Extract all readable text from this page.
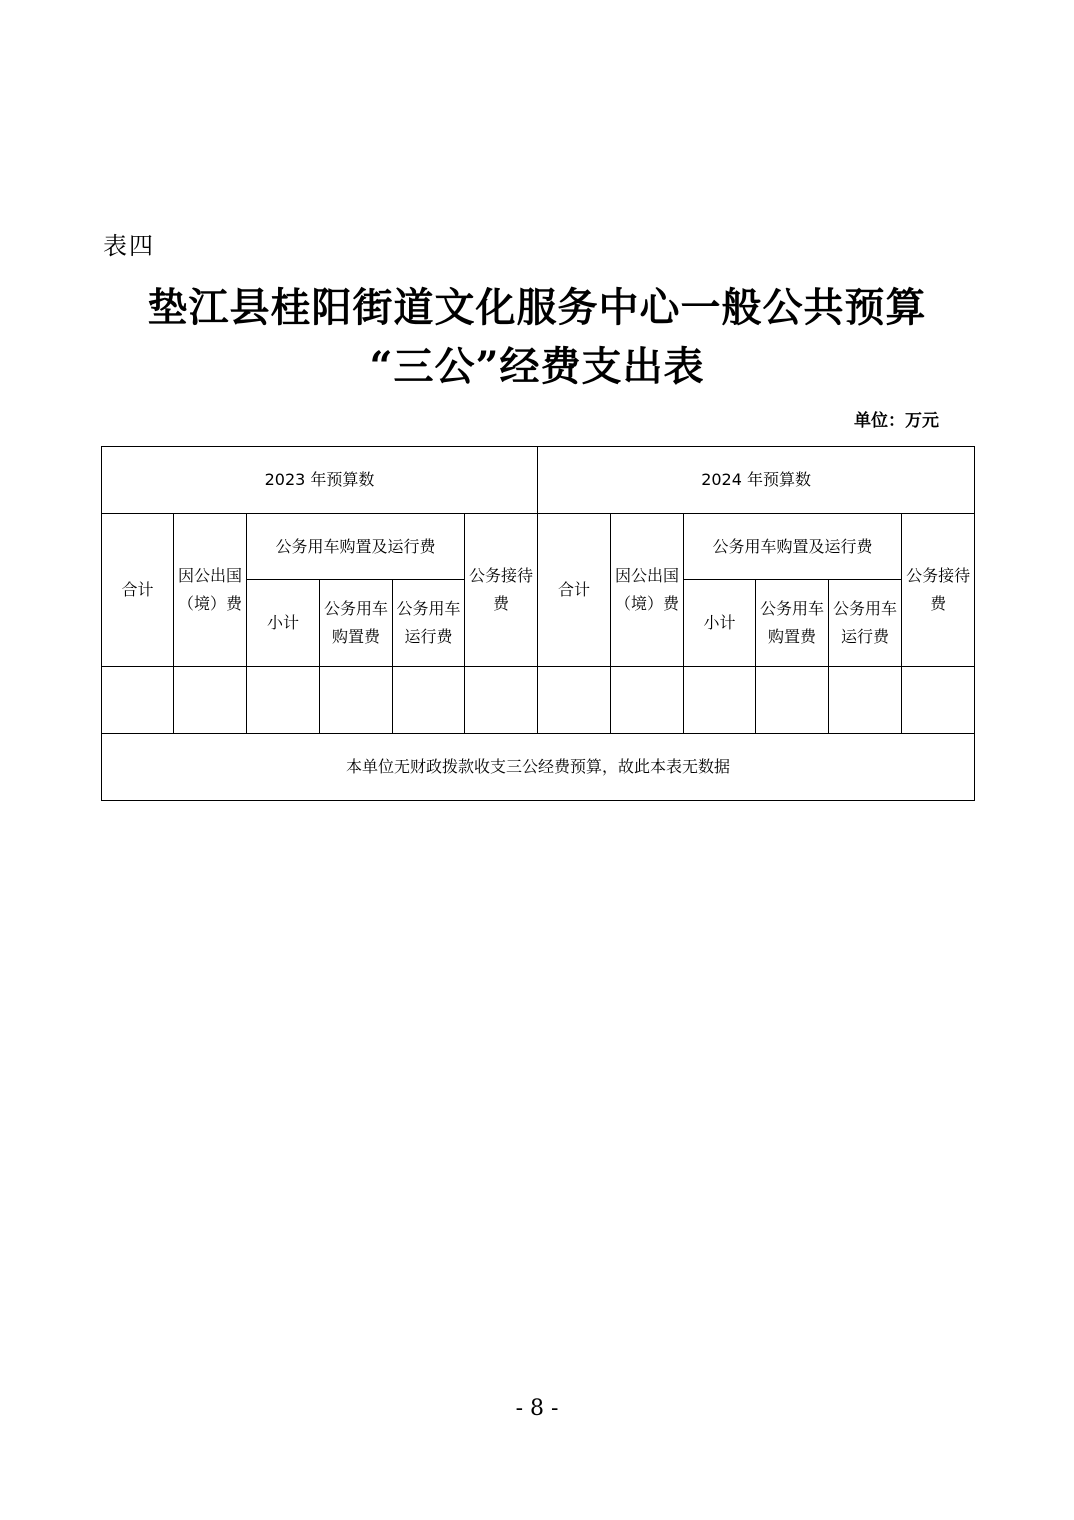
表四
垫江县桂阳街道文化服务中心一般公共预算
“三公”经费支出表
单位：万元
2023 年预算数						2024 年预算数					
合计	因公出国（境）费	公务用车购置及运行费			公务接待费	合计	因公出国（境）费	公务用车购置及运行费			公务接待费
		小计	公务用车购置费	公务用车运行费				小计	公务用车购置费	公务用车运行费	

本单位无财政拨款收支三公经费预算，故此本表无数据											
- 8 -
